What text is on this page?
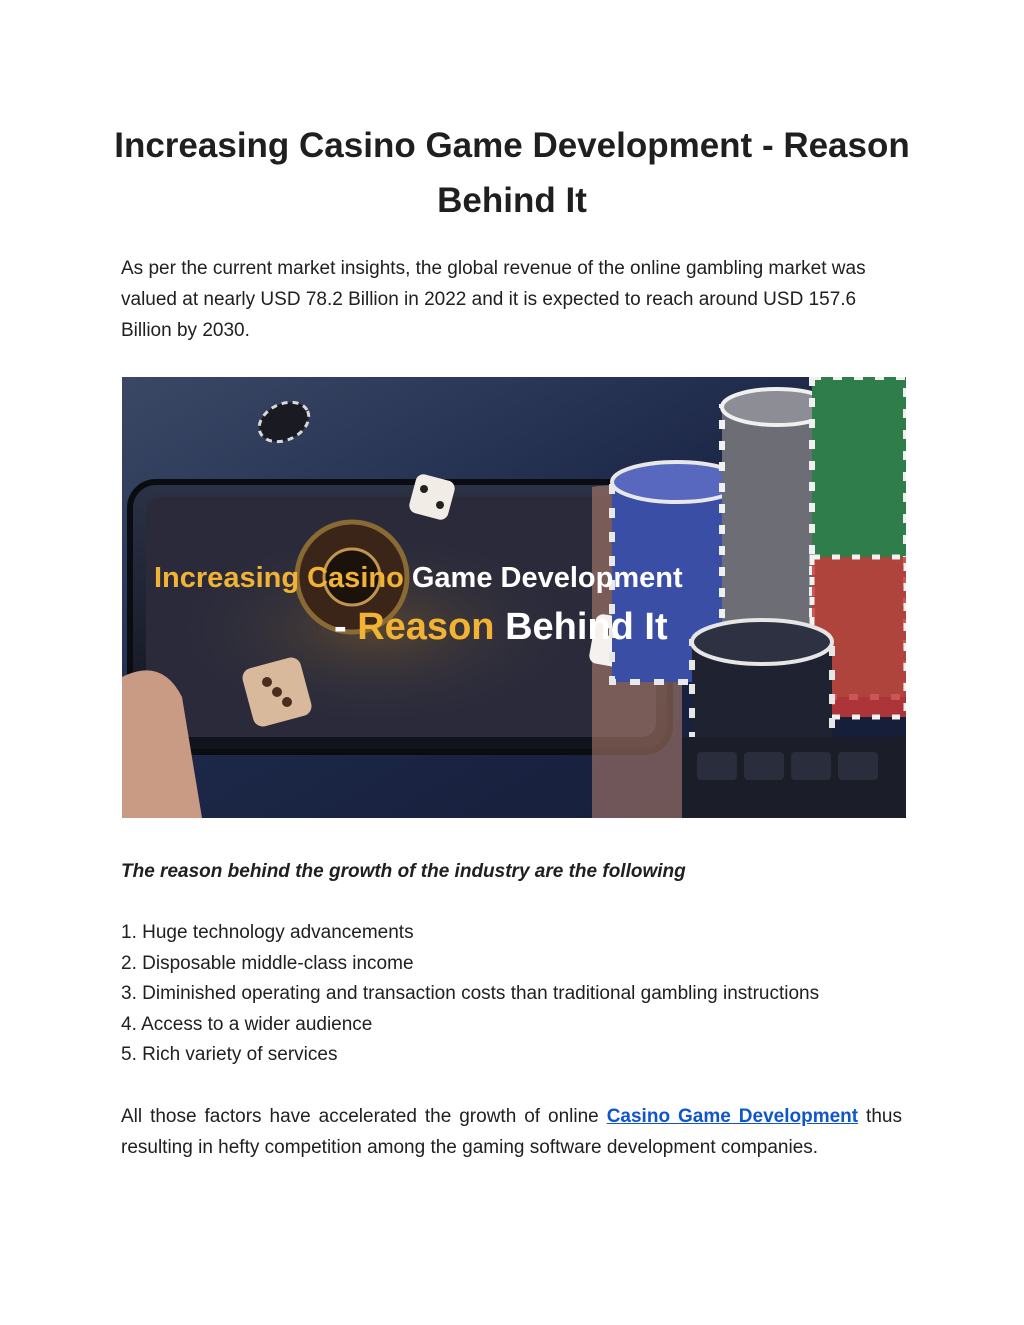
Increasing Casino Game Development - Reason Behind It

As per the current market insights, the global revenue of the online gambling market was valued at nearly USD 78.2 Billion in 2022 and it is expected to reach around USD 157.6 Billion by 2030.

Increasing Casino Game Development
- Reason Behind It

The reason behind the growth of the industry are the following

1. Huge technology advancements
2. Disposable middle-class income
3. Diminished operating and transaction costs than traditional gambling instructions
4. Access to a wider audience
5. Rich variety of services

All those factors have accelerated the growth of online Casino Game Development thus resulting in hefty competition among the gaming software development companies.
